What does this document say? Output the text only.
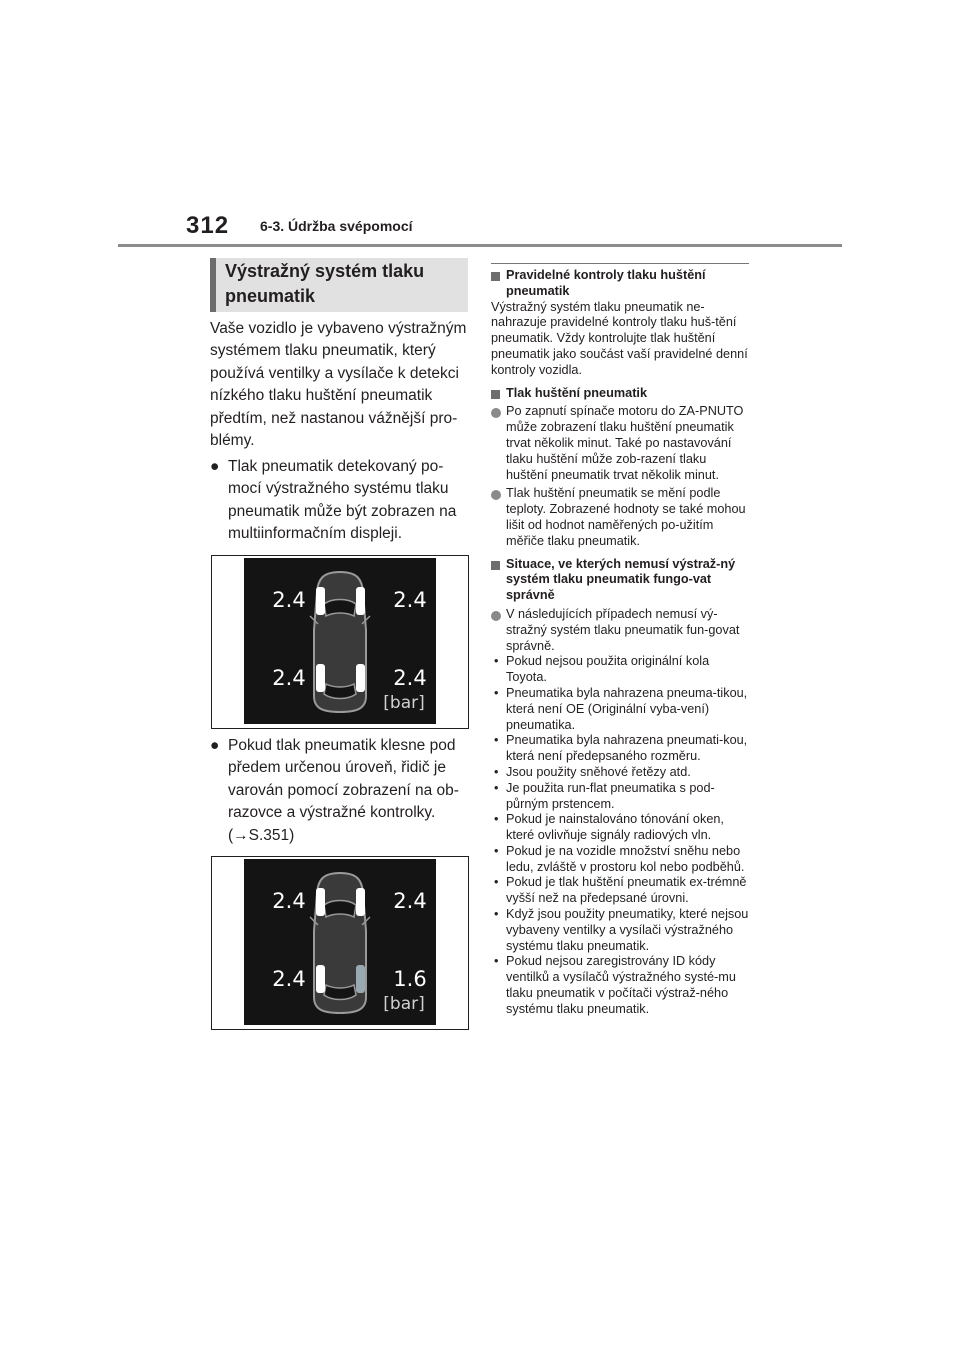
312 6-3. Údržba svépomocí
Výstražný systém tlaku pneumatik
Vaše vozidlo je vybaveno výstražným systémem tlaku pneumatik, který používá ventilky a vysílače k detekci nízkého tlaku huštění pneumatik předtím, než nastanou vážnější pro-blémy.
● Tlak pneumatik detekovaný po-mocí výstražného systému tlaku pneumatik může být zobrazen na multiinformačním displeji.
2.4	2.4
2.4	2.4
[bar]
● Pokud tlak pneumatik klesne pod předem určenou úroveň, řidič je varován pomocí zobrazení na ob-razovce a výstražné kontrolky.
(→S.351)
2.4	2.4
2.4	1.6
[bar]
Pravidelné kontroly tlaku huštění pneumatik

Výstražný systém tlaku pneumatik ne-nahrazuje pravidelné kontroly tlaku huš-tění pneumatik. Vždy kontrolujte tlak huštění pneumatik jako součást vaší pravidelné denní kontroly vozidla.

Tlak huštění pneumatik
Po zapnutí spínače motoru do ZA-PNUTO může zobrazení tlaku huštění pneumatik trvat několik minut. Také po nastavování tlaku huštění může zob-razení tlaku huštění pneumatik trvat několik minut.
Tlak huštění pneumatik se mění podle teploty. Zobrazené hodnoty se také mohou lišit od hodnot naměřených po-užitím měřiče tlaku pneumatik.
Situace, ve kterých nemusí výstraž-ný systém tlaku pneumatik fungo-vat správně
V následujících případech nemusí vý-stražný systém tlaku pneumatik fun-govat správně.
• Pokud nejsou použita originální kola Toyota.
• Pneumatika byla nahrazena pneuma-tikou, která není OE (Originální vyba-vení) pneumatika.
• Pneumatika byla nahrazena pneumati-kou, která není předepsaného rozměru.
• Jsou použity sněhové řetězy atd.
• Je použita run-flat pneumatika s pod-půrným prstencem.
• Pokud je nainstalováno tónování oken, které ovlivňuje signály radiových vln.
• Pokud je na vozidle množství sněhu nebo ledu, zvláště v prostoru kol nebo podběhů.
• Pokud je tlak huštění pneumatik ex-trémně vyšší než na předepsané úrovni.
• Když jsou použity pneumatiky, které nejsou vybaveny ventilky a vysílači výstražného systému tlaku pneumatik.
• Pokud nejsou zaregistrovány ID kódy ventilků a vysílačů výstražného systé-mu tlaku pneumatik v počítači výstraž-ného systému tlaku pneumatik.
